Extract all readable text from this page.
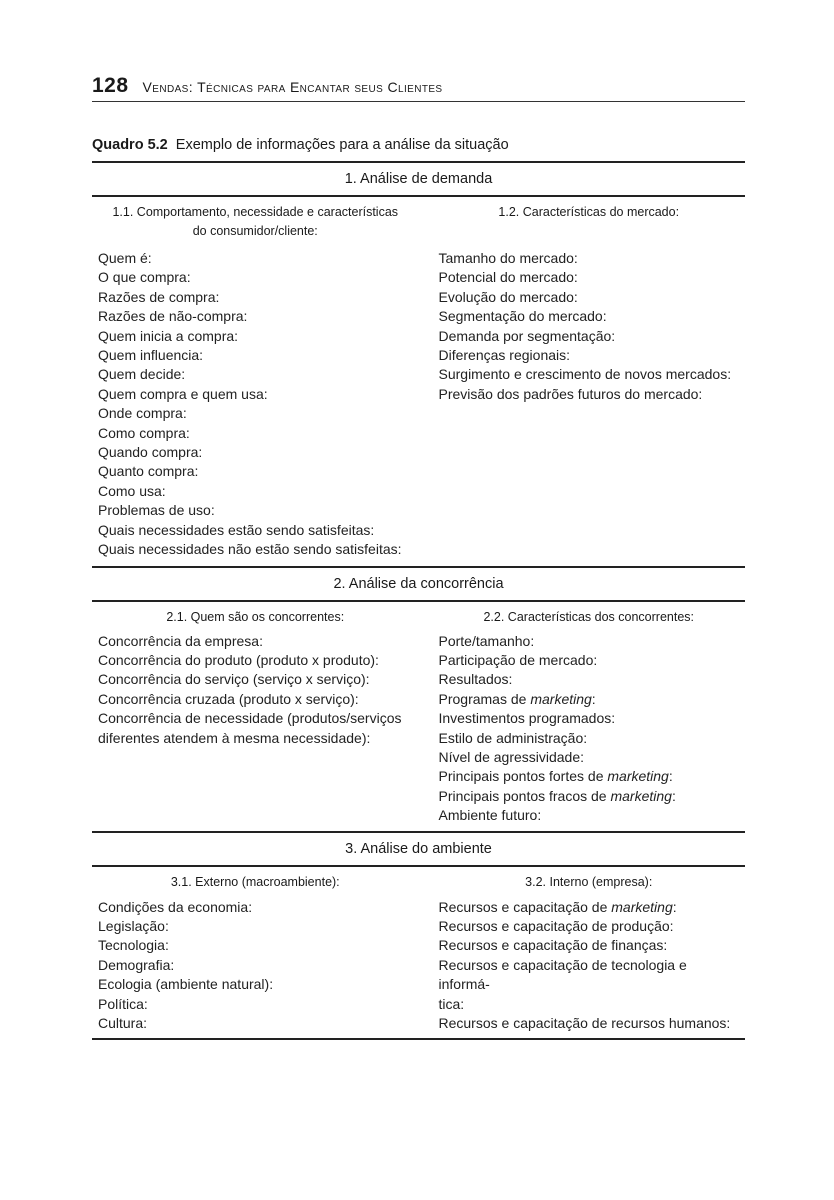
128 Vendas: Técnicas para Encantar seus Clientes
Quadro 5.2 Exemplo de informações para a análise da situação
1. Análise de demanda
1.1. Comportamento, necessidade e características
do consumidor/cliente:
Quem é:
O que compra:
Razões de compra:
Razões de não-compra:
Quem inicia a compra:
Quem influencia:
Quem decide:
Quem compra e quem usa:
Onde compra:
Como compra:
Quando compra:
Quanto compra:
Como usa:
Problemas de uso:
Quais necessidades estão sendo satisfeitas:
Quais necessidades não estão sendo satisfeitas:
1.2. Características do mercado:
Tamanho do mercado:
Potencial do mercado:
Evolução do mercado:
Segmentação do mercado:
Demanda por segmentação:
Diferenças regionais:
Surgimento e crescimento de novos mercados:
Previsão dos padrões futuros do mercado:
2. Análise da concorrência
2.1. Quem são os concorrentes:
Concorrência da empresa:
Concorrência do produto (produto x produto):
Concorrência do serviço (serviço x serviço):
Concorrência cruzada (produto x serviço):
Concorrência de necessidade (produtos/serviços
diferentes atendem à mesma necessidade):
2.2. Características dos concorrentes:
Porte/tamanho:
Participação de mercado:
Resultados:
Programas de marketing:
Investimentos programados:
Estilo de administração:
Nível de agressividade:
Principais pontos fortes de marketing:
Principais pontos fracos de marketing:
Ambiente futuro:
3. Análise do ambiente
3.1. Externo (macroambiente):
Condições da economia:
Legislação:
Tecnologia:
Demografia:
Ecologia (ambiente natural):
Política:
Cultura:
3.2. Interno (empresa):
Recursos e capacitação de marketing:
Recursos e capacitação de produção:
Recursos e capacitação de finanças:
Recursos e capacitação de tecnologia e informá-
tica:
Recursos e capacitação de recursos humanos:
